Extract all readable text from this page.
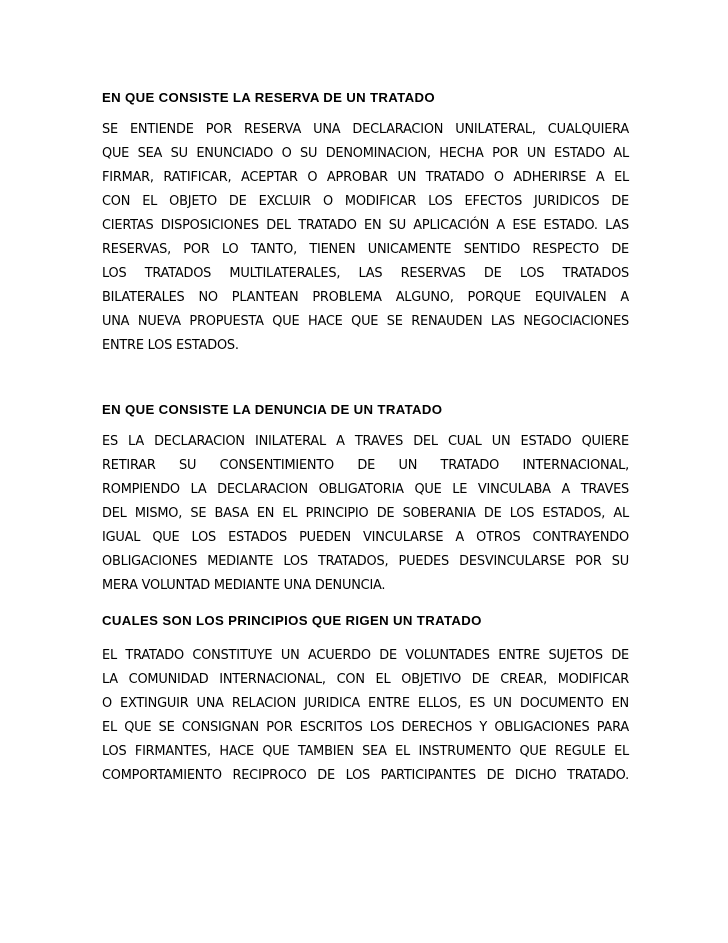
EN QUE CONSISTE LA RESERVA DE UN TRATADO
SE ENTIENDE POR RESERVA UNA DECLARACION UNILATERAL, CUALQUIERA
QUE SEA SU ENUNCIADO O SU DENOMINACION, HECHA POR UN ESTADO AL
FIRMAR, RATIFICAR, ACEPTAR O APROBAR UN TRATADO O ADHERIRSE A EL
CON EL OBJETO DE EXCLUIR O MODIFICAR LOS EFECTOS JURIDICOS DE
CIERTAS DISPOSICIONES DEL TRATADO EN SU APLICACIÓN A ESE ESTADO. LAS
RESERVAS, POR LO TANTO, TIENEN UNICAMENTE SENTIDO RESPECTO DE
LOS TRATADOS MULTILATERALES, LAS RESERVAS DE LOS TRATADOS
BILATERALES NO PLANTEAN PROBLEMA ALGUNO, PORQUE EQUIVALEN A
UNA NUEVA PROPUESTA QUE HACE QUE SE RENAUDEN LAS NEGOCIACIONES
ENTRE LOS ESTADOS.
EN QUE CONSISTE LA DENUNCIA DE UN TRATADO
ES LA DECLARACION INILATERAL A TRAVES DEL CUAL UN ESTADO QUIERE
RETIRAR SU CONSENTIMIENTO DE UN TRATADO INTERNACIONAL,
ROMPIENDO LA DECLARACION OBLIGATORIA QUE LE VINCULABA A TRAVES
DEL MISMO, SE BASA EN EL PRINCIPIO DE SOBERANIA DE LOS ESTADOS, AL
IGUAL QUE LOS ESTADOS PUEDEN VINCULARSE A OTROS CONTRAYENDO
OBLIGACIONES MEDIANTE LOS TRATADOS, PUEDES DESVINCULARSE POR SU
MERA VOLUNTAD MEDIANTE UNA DENUNCIA.
CUALES SON LOS PRINCIPIOS QUE RIGEN UN TRATADO
EL TRATADO CONSTITUYE UN ACUERDO DE VOLUNTADES ENTRE SUJETOS DE
LA COMUNIDAD INTERNACIONAL, CON EL OBJETIVO DE CREAR, MODIFICAR
O EXTINGUIR UNA RELACION JURIDICA ENTRE ELLOS, ES UN DOCUMENTO EN
EL QUE SE CONSIGNAN POR ESCRITOS LOS DERECHOS Y OBLIGACIONES PARA
LOS FIRMANTES, HACE QUE TAMBIEN SEA EL INSTRUMENTO QUE REGULE EL
COMPORTAMIENTO RECIPROCO DE LOS PARTICIPANTES DE DICHO TRATADO.
